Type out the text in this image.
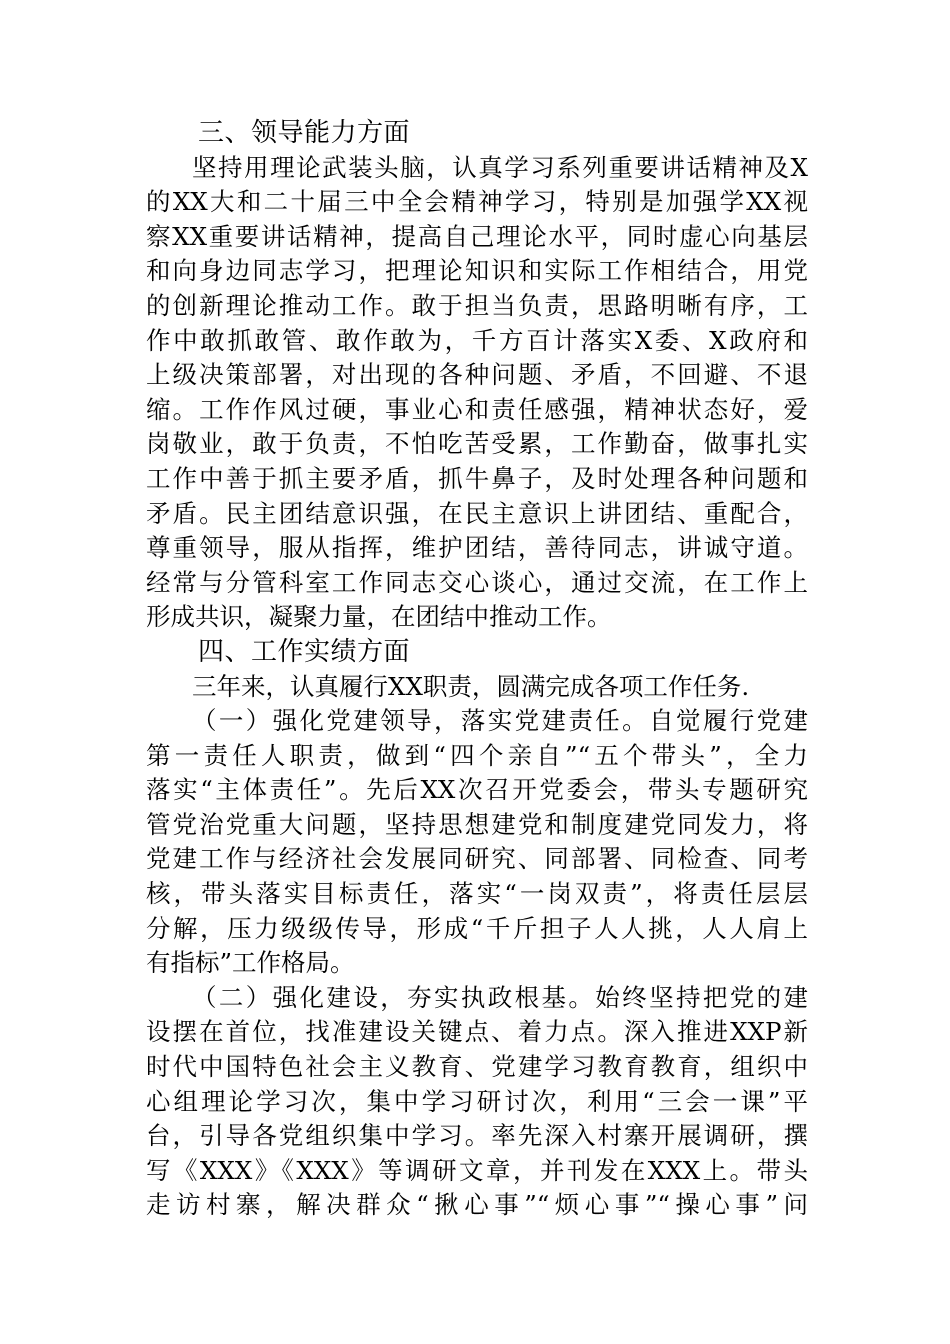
三、领导能力方面
坚持用理论武装头脑，认真学习系列重要讲话精神及X
的XX大和二十届三中全会精神学习，特别是加强学XX视
察XX重要讲话精神，提高自己理论水平，同时虚心向基层
和向身边同志学习，把理论知识和实际工作相结合，用党
的创新理论推动工作。敢于担当负责，思路明晰有序，工
作中敢抓敢管、敢作敢为，千方百计落实X委、X政府和
上级决策部署，对出现的各种问题、矛盾，不回避、不退
缩。工作作风过硬，事业心和责任感强，精神状态好，爱
岗敬业，敢于负责，不怕吃苦受累，工作勤奋，做事扎实
工作中善于抓主要矛盾，抓牛鼻子，及时处理各种问题和
矛盾。民主团结意识强，在民主意识上讲团结、重配合，
尊重领导，服从指挥，维护团结，善待同志，讲诚守道。
经常与分管科室工作同志交心谈心，通过交流，在工作上
形成共识，凝聚力量，在团结中推动工作。
四、工作实绩方面
三年来，认真履行XX职责，圆满完成各项工作任务.
（一）强化党建领导，落实党建责任。自觉履行党建
第一责任人职责，做到“四个亲自”“五个带头”，全力
落实“主体责任”。先后XX次召开党委会，带头专题研究
管党治党重大问题，坚持思想建党和制度建党同发力，将
党建工作与经济社会发展同研究、同部署、同检查、同考
核，带头落实目标责任，落实“一岗双责”，将责任层层
分解，压力级级传导，形成“千斤担子人人挑，人人肩上
有指标”工作格局。
（二）强化建设，夯实执政根基。始终坚持把党的建
设摆在首位，找准建设关键点、着力点。深入推进XXP新
时代中国特色社会主义教育、党建学习教育教育，组织中
心组理论学习次，集中学习研讨次，利用“三会一课”平
台，引导各党组织集中学习。率先深入村寨开展调研，撰
写《XXX》《XXX》等调研文章，并刊发在XXX上。带头
走访村寨，解决群众“揪心事”“烦心事”“操心事”问
